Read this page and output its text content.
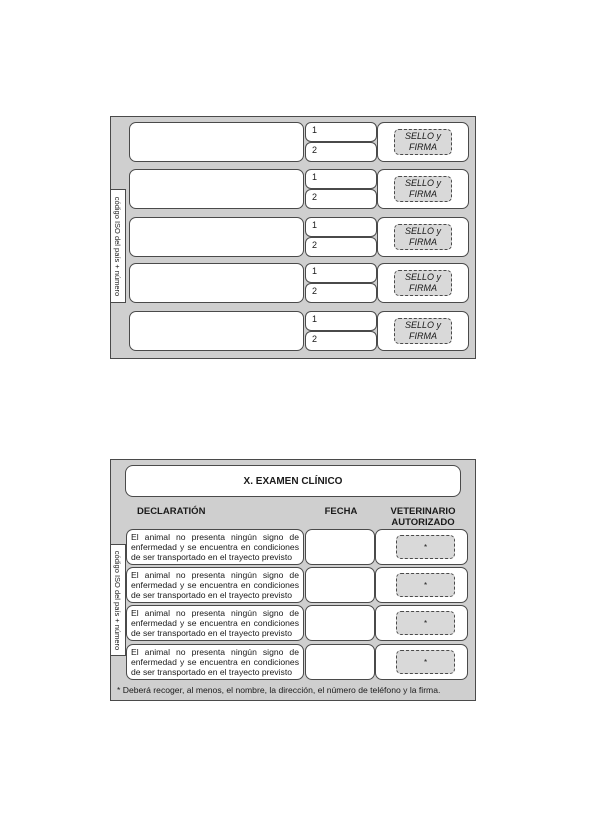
código ISO del país + número
1
2
SELLO y
FIRMA
1
2
SELLO y
FIRMA
1
2
SELLO y
FIRMA
1
2
SELLO y
FIRMA
1
2
SELLO y
FIRMA
X. EXAMEN CLÍNICO
DECLARATIÓN	FECHA	VETERINARIO
AUTORIZADO
código ISO del país + número
El animal no presenta ningún signo de enfermedad y se encuentra en condiciones de ser transportado en el trayecto previsto
*
El animal no presenta ningún signo de enfermedad y se encuentra en condiciones de ser transportado en el trayecto previsto
*
El animal no presenta ningún signo de enfermedad y se encuentra en condiciones de ser transportado en el trayecto previsto
*
El animal no presenta ningún signo de enfermedad y se encuentra en condiciones de ser transportado en el trayecto previsto
*
* Deberá recoger, al menos, el nombre, la dirección, el número de teléfono y la firma.
